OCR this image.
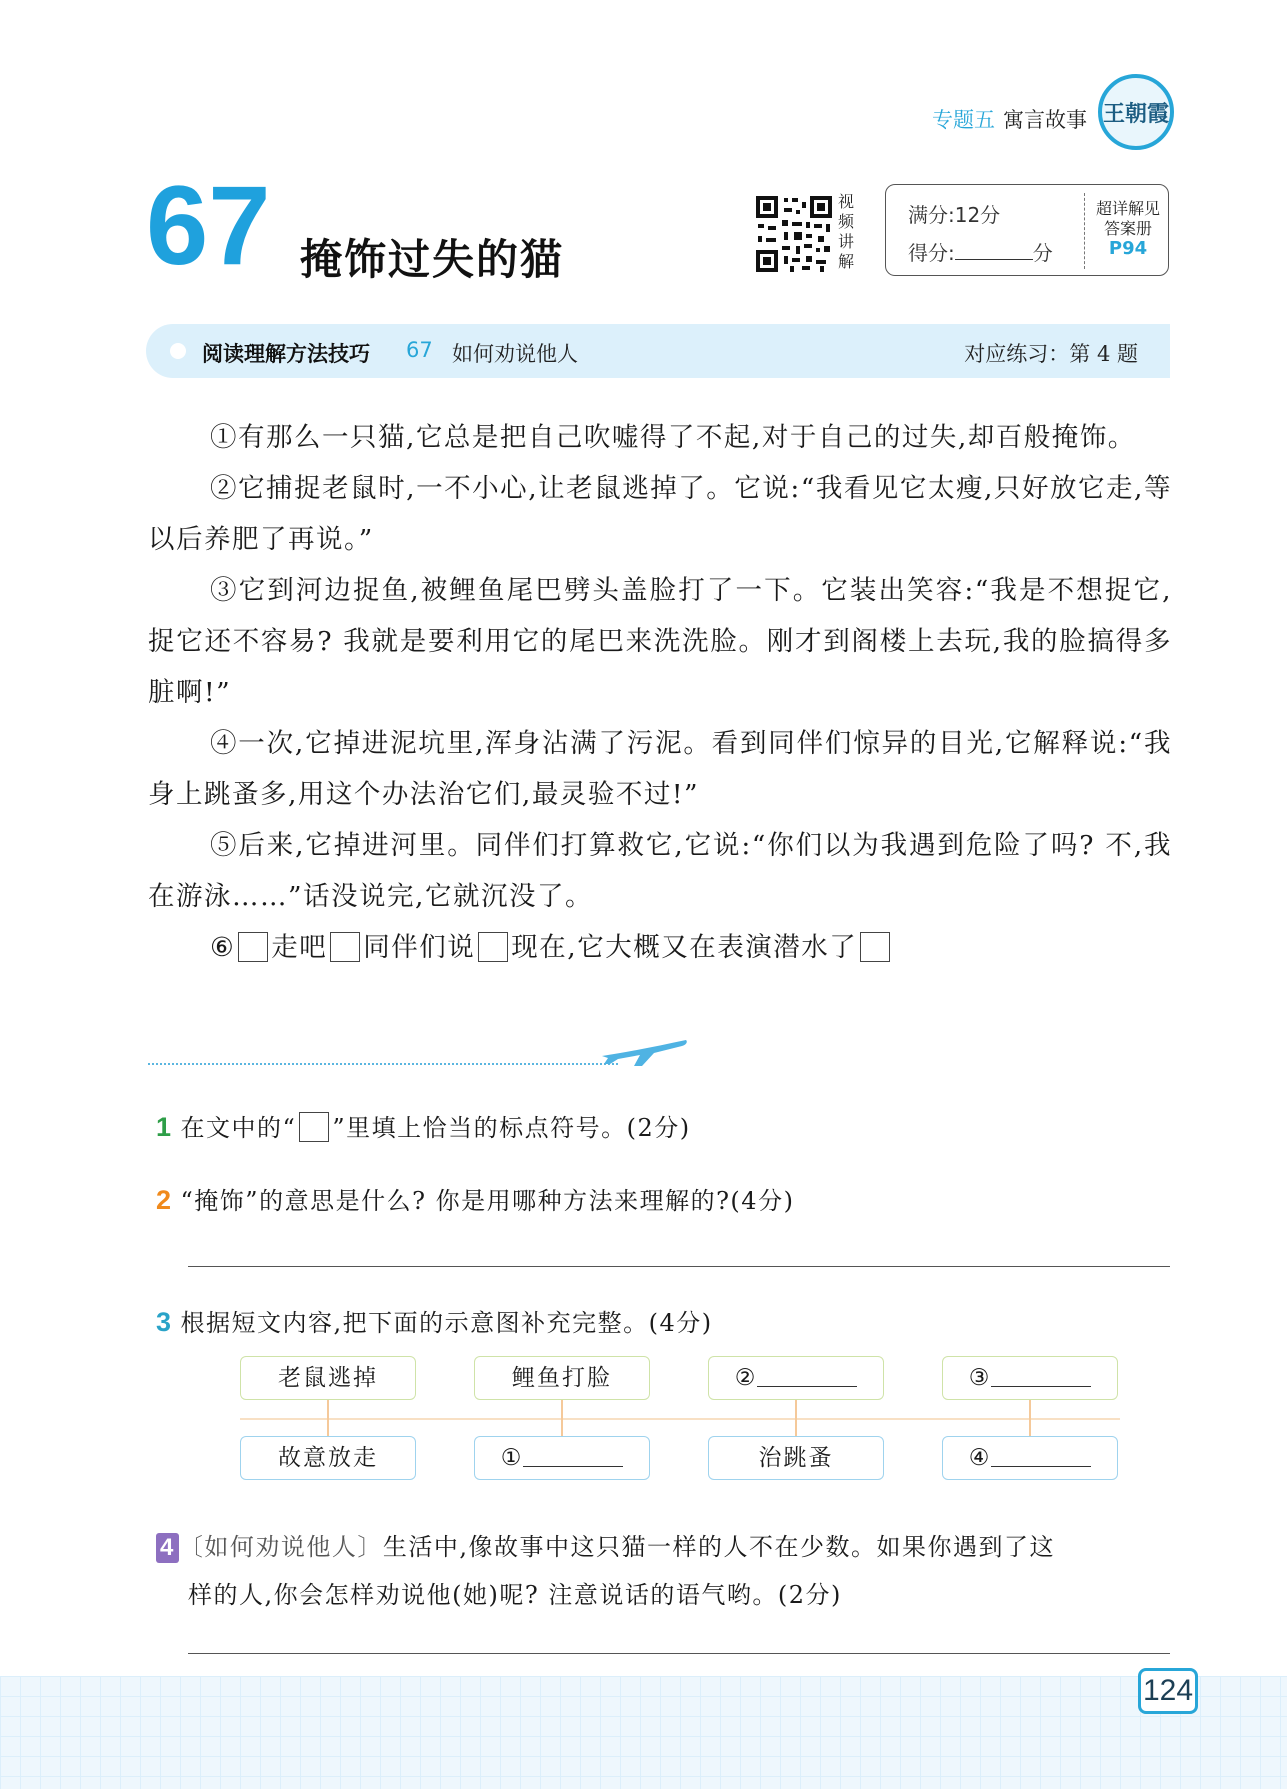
专题五 寓言故事 王朝霞
67 掩饰过失的猫
视频讲解
满分:12分
得分:	分
超详解见答案册
P94
阅读理解方法技巧 67 如何劝说他人	对应练习：第 4 题

①有那么一只猫,它总是把自己吹嘘得了不起,对于自己的过失,却百般掩饰。

②它捕捉老鼠时,一不小心,让老鼠逃掉了。它说:“我看见它太瘦,只好放它走,等以后养肥了再说。”

③它到河边捉鱼,被鲤鱼尾巴劈头盖脸打了一下。它装出笑容:“我是不想捉它,捉它还不容易? 我就是要利用它的尾巴来洗洗脸。刚才到阁楼上去玩,我的脸搞得多脏啊!”

④一次,它掉进泥坑里,浑身沾满了污泥。看到同伴们惊异的目光,它解释说:“我身上跳蚤多,用这个办法治它们,最灵验不过!”

⑤后来,它掉进河里。同伴们打算救它,它说:“你们以为我遇到危险了吗? 不,我在游泳……”话没说完,它就沉没了。

⑥ 走吧 同伴们说 现在,它大概又在表演潜水了

1 在文中的“ ”里填上恰当的标点符号。(2分)
2 “掩饰”的意思是什么? 你是用哪种方法来理解的?(4分)
3 根据短文内容,把下面的示意图补充完整。(4分)
老鼠逃掉	鲤鱼打脸	②	③
故意放走	①	治跳蚤	④
4 〔如何劝说他人〕生活中,像故事中这只猫一样的人不在少数。如果你遇到了这
样的人,你会怎样劝说他(她)呢? 注意说话的语气哟。(2分)
124
